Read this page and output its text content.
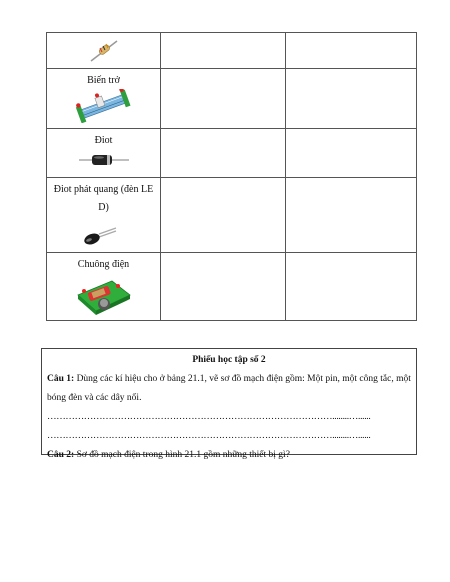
Biến trở		

Điot		

Điot phát quang (đèn LE D)		

Chuông điện		

Phiếu học tập số 2
Câu 1: Dùng các kí hiệu cho ở bảng 21.1, vẽ sơ đồ mạch điện gồm: Một pin, một công tắc, một bóng đèn và các dây nối.
…………………………………………………………………………………........…......
…………………………………………………………………………………........…......
Câu 2: Sơ đồ mạch điện trong hình 21.1 gồm những thiết bị gì?
